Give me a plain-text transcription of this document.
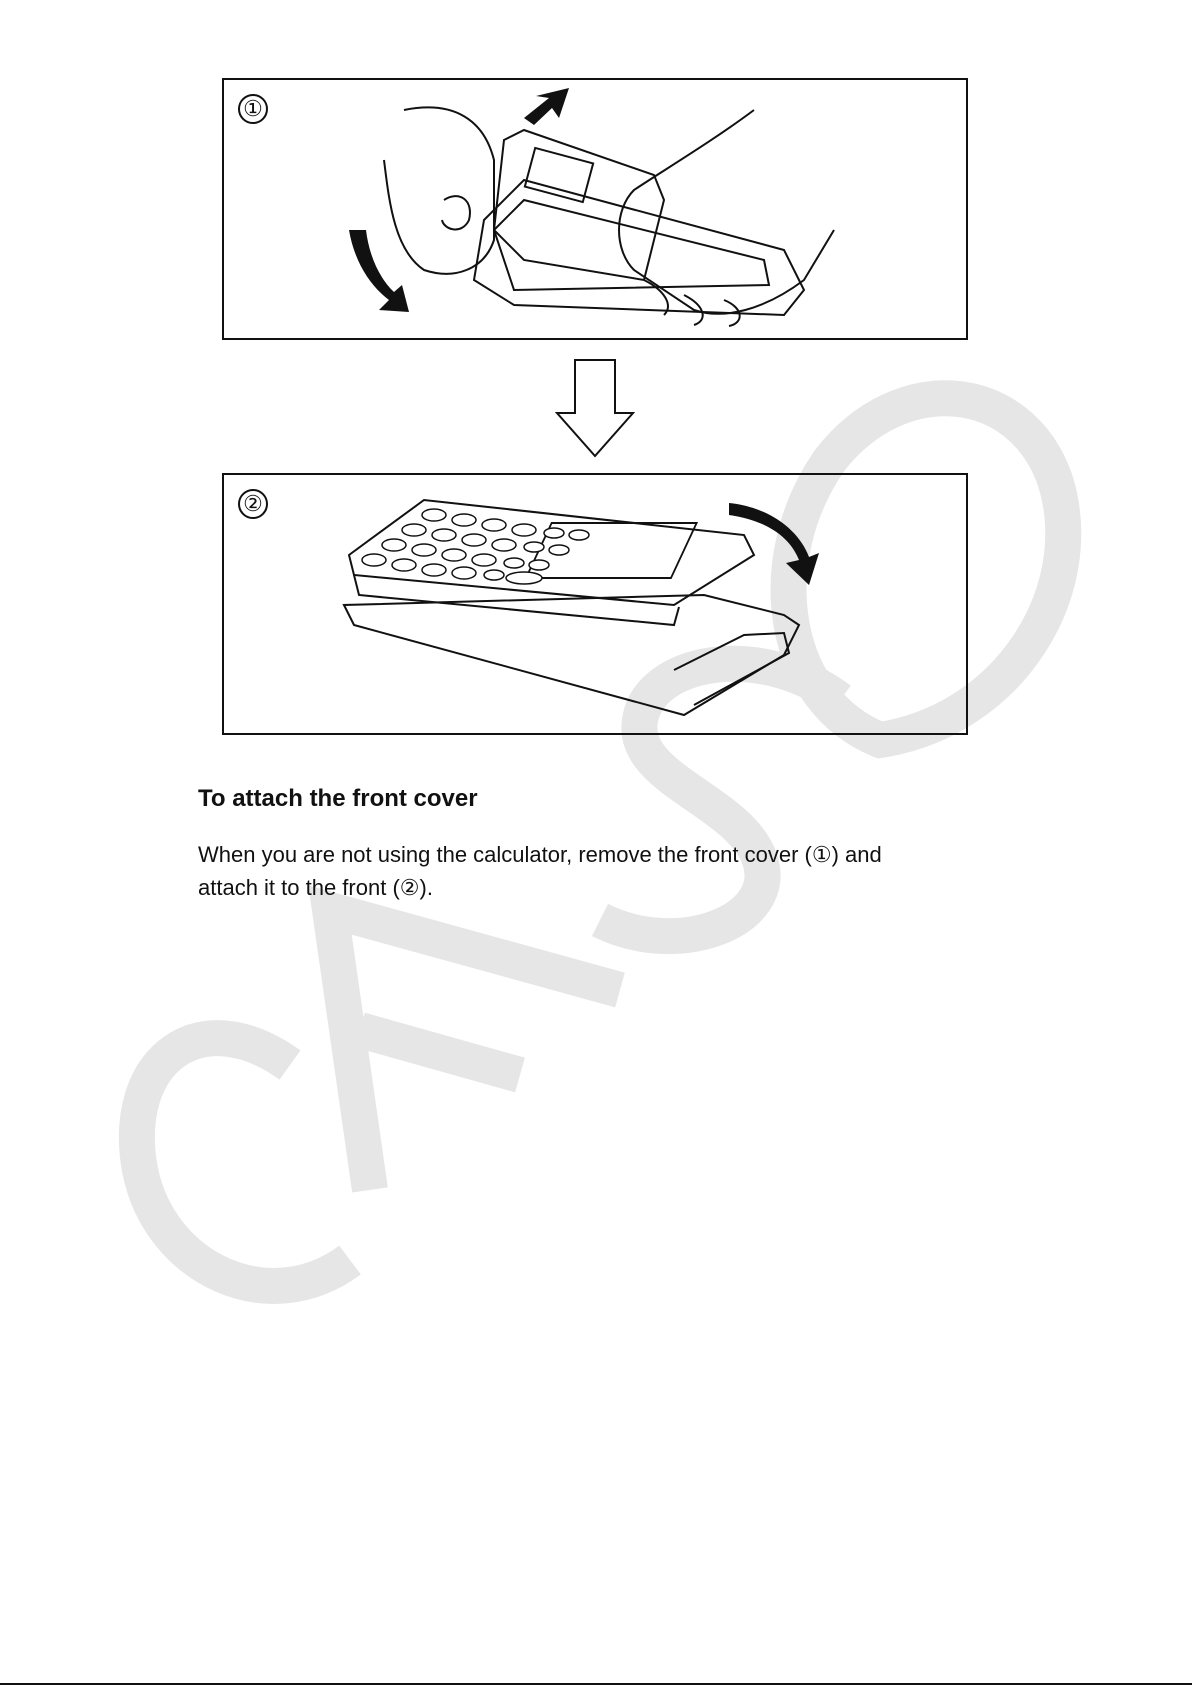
①
②
To attach the front cover

When you are not using the calculator, remove the front cover (①) and
attach it to the front (②).
